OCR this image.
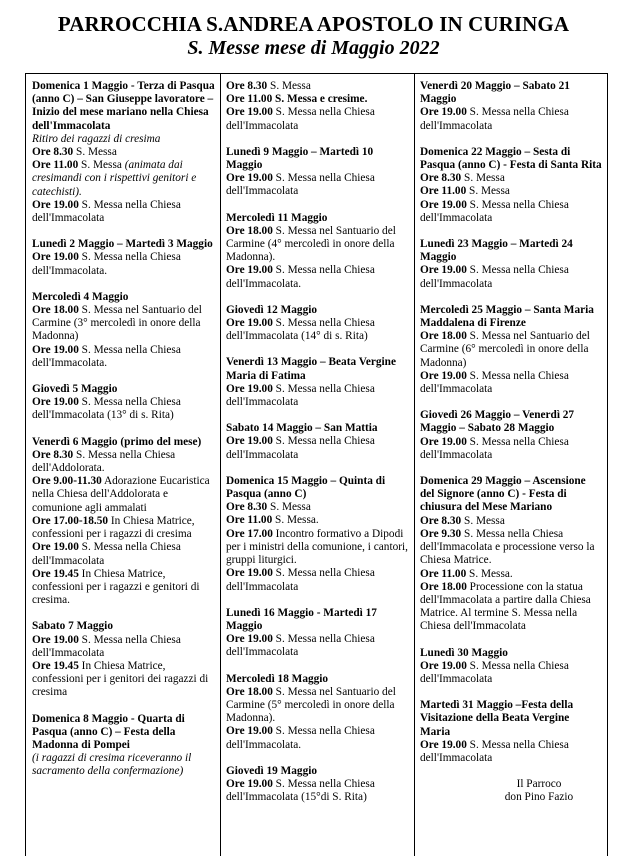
PARROCCHIA S.ANDREA APOSTOLO IN CURINGA
S. Messe mese di Maggio 2022
Domenica 1 Maggio - Terza di Pasqua (anno C) – San Giuseppe lavoratore – Inizio del mese mariano nella Chiesa dell'Immacolata
Ritiro dei ragazzi di cresima
Ore 8.30 S. Messa
Ore 11.00 S. Messa (animata dai cresimandi con i rispettivi genitori e catechisti).
Ore 19.00 S. Messa nella Chiesa dell'Immacolata
Lunedì 2 Maggio – Martedì 3 Maggio
Ore 19.00 S. Messa nella Chiesa dell'Immacolata.
Mercoledì 4 Maggio
Ore 18.00 S. Messa nel Santuario del Carmine (3° mercoledì in onore della Madonna)
Ore 19.00 S. Messa nella Chiesa dell'Immacolata.
Giovedì 5 Maggio
Ore 19.00 S. Messa nella Chiesa dell'Immacolata (13° di s. Rita)
Venerdì 6 Maggio (primo del mese)
Ore 8.30 S. Messa nella Chiesa dell'Addolorata.
Ore 9.00-11.30 Adorazione Eucaristica nella Chiesa dell'Addolorata e comunione agli ammalati
Ore 17.00-18.50 In Chiesa Matrice, confessioni per i ragazzi di cresima
Ore 19.00 S. Messa nella Chiesa dell'Immacolata
Ore 19.45 In Chiesa Matrice, confessioni per i ragazzi e genitori di cresima.
Sabato 7 Maggio
Ore 19.00 S. Messa nella Chiesa dell'Immacolata
Ore 19.45 In Chiesa Matrice, confessioni per i genitori dei ragazzi di cresima
Domenica 8 Maggio - Quarta di Pasqua (anno C) – Festa della Madonna di Pompei
(i ragazzi di cresima riceveranno il sacramento della confermazione)
Ore 8.30 S. Messa
Ore 11.00 S. Messa e cresime.
Ore 19.00 S. Messa nella Chiesa dell'Immacolata
Lunedì 9 Maggio – Martedì 10 Maggio
Ore 19.00 S. Messa nella Chiesa dell'Immacolata
Mercoledì 11 Maggio
Ore 18.00 S. Messa nel Santuario del Carmine (4° mercoledì in onore della Madonna).
Ore 19.00 S. Messa nella Chiesa dell'Immacolata.
Giovedì 12 Maggio
Ore 19.00 S. Messa nella Chiesa dell'Immacolata (14° di s. Rita)
Venerdì 13 Maggio – Beata Vergine Maria di Fatima
Ore 19.00 S. Messa nella Chiesa dell'Immacolata
Sabato 14 Maggio – San Mattia
Ore 19.00 S. Messa nella Chiesa dell'Immacolata
Domenica 15 Maggio – Quinta di Pasqua (anno C)
Ore 8.30 S. Messa
Ore 11.00 S. Messa.
Ore 17.00 Incontro formativo a Dipodi per i ministri della comunione, i cantori, gruppi liturgici.
Ore 19.00 S. Messa nella Chiesa dell'Immacolata
Lunedì 16 Maggio - Martedì 17 Maggio
Ore 19.00 S. Messa nella Chiesa dell'Immacolata
Mercoledì 18 Maggio
Ore 18.00 S. Messa nel Santuario del Carmine (5° mercoledì in onore della Madonna).
Ore 19.00 S. Messa nella Chiesa dell'Immacolata.
Giovedì 19 Maggio
Ore 19.00 S. Messa nella Chiesa dell'Immacolata (15°di S. Rita)
Venerdì 20 Maggio – Sabato 21 Maggio
Ore 19.00 S. Messa nella Chiesa dell'Immacolata
Domenica 22 Maggio – Sesta di Pasqua (anno C) - Festa di Santa Rita
Ore 8.30 S. Messa
Ore 11.00 S. Messa
Ore 19.00 S. Messa nella Chiesa dell'Immacolata
Lunedì 23 Maggio – Martedì 24 Maggio
Ore 19.00 S. Messa nella Chiesa dell'Immacolata
Mercoledì 25 Maggio – Santa Maria Maddalena di Firenze
Ore 18.00 S. Messa nel Santuario del Carmine (6° mercoledì in onore della Madonna)
Ore 19.00 S. Messa nella Chiesa dell'Immacolata
Giovedì 26 Maggio – Venerdì 27 Maggio – Sabato 28 Maggio
Ore 19.00 S. Messa nella Chiesa dell'Immacolata
Domenica 29 Maggio – Ascensione del Signore (anno C) - Festa di chiusura del Mese Mariano
Ore 8.30 S. Messa
Ore 9.30 S. Messa nella Chiesa dell'Immacolata e processione verso la Chiesa Matrice.
Ore 11.00 S. Messa.
Ore 18.00 Processione con la statua dell'Immacolata a partire dalla Chiesa Matrice. Al termine S. Messa nella Chiesa dell'Immacolata
Lunedì 30 Maggio
Ore 19.00 S. Messa nella Chiesa dell'Immacolata
Martedì 31 Maggio –Festa della Visitazione della Beata Vergine Maria
Ore 19.00 S. Messa nella Chiesa dell'Immacolata
Il Parroco
don Pino Fazio
